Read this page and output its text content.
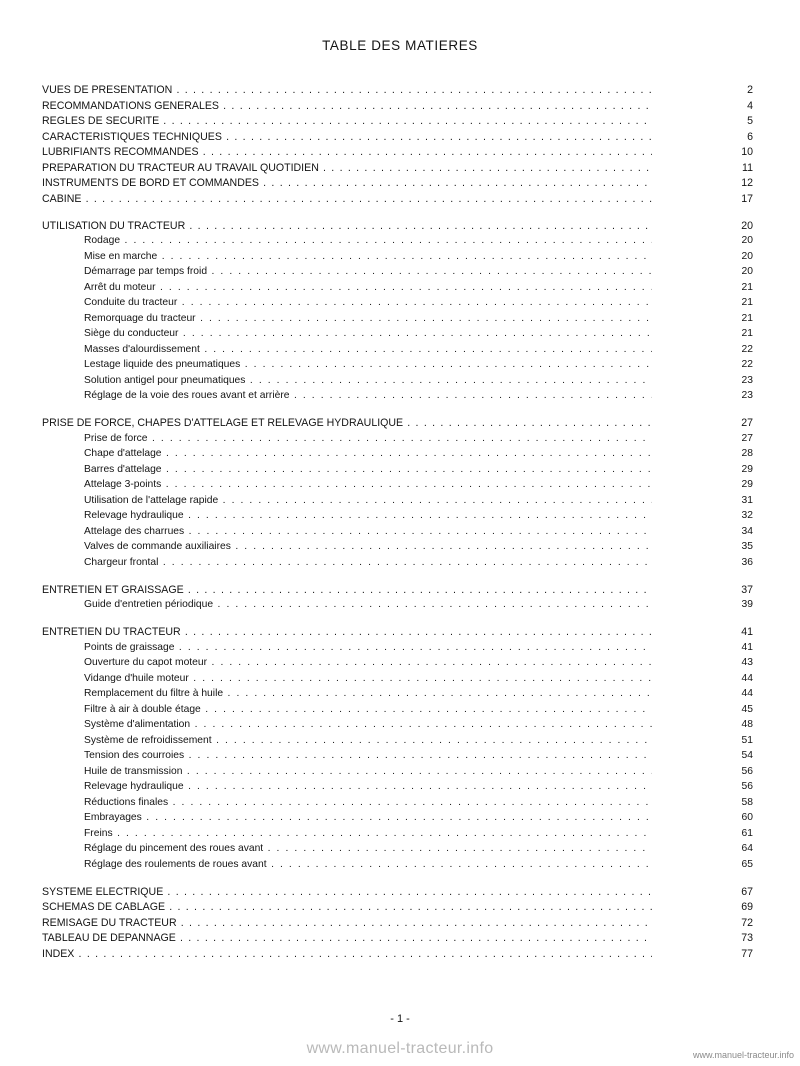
TABLE DES MATIERES
VUES DE PRESENTATION . . .	2
RECOMMANDATIONS GENERALES . . .	4
REGLES DE SECURITE . . .	5
CARACTERISTIQUES TECHNIQUES . . .	6
LUBRIFIANTS RECOMMANDES . . .	10
PREPARATION DU TRACTEUR AU TRAVAIL QUOTIDIEN . . .	11
INSTRUMENTS DE BORD ET COMMANDES . . .	12
CABINE . . .	17
UTILISATION DU TRACTEUR . . .	20
Rodage . . .	20
Mise en marche . . .	20
Démarrage par temps froid . . .	20
Arrêt du moteur . . .	21
Conduite du tracteur . . .	21
Remorquage du tracteur . . .	21
Siège du conducteur . . .	21
Masses d'alourdissement . . .	22
Lestage liquide des pneumatiques . . .	22
Solution antigel pour pneumatiques . . .	23
Réglage de la voie des roues avant et arrière . . .	23
PRISE DE FORCE, CHAPES D'ATTELAGE ET RELEVAGE HYDRAULIQUE . . .	27
Prise de force . . .	27
Chape d'attelage . . .	28
Barres d'attelage . . .	29
Attelage 3-points . . .	29
Utilisation de l'attelage rapide . . .	31
Relevage hydraulique . . .	32
Attelage des charrues . . .	34
Valves de commande auxiliaires . . .	35
Chargeur frontal . . .	36
ENTRETIEN ET GRAISSAGE . . .	37
Guide d'entretien périodique . . .	39
ENTRETIEN DU TRACTEUR . . .	41
Points de graissage . . .	41
Ouverture du capot moteur . . .	43
Vidange d'huile moteur . . .	44
Remplacement du filtre à huile . . .	44
Filtre à air à double étage . . .	45
Système d'alimentation . . .	48
Système de refroidissement . . .	51
Tension des courroies . . .	54
Huile de transmission . . .	56
Relevage hydraulique . . .	56
Réductions finales . . .	58
Embrayages . . .	60
Freins . . .	61
Réglage du pincement des roues avant . . .	64
Réglage des roulements de roues avant . . .	65
SYSTEME ELECTRIQUE . . .	67
SCHEMAS DE CABLAGE . . .	69
REMISAGE DU TRACTEUR . . .	72
TABLEAU DE DEPANNAGE . . .	73
INDEX . . .	77
- 1 -
www.manuel-tracteur.info	www.manuel-tracteur.info
